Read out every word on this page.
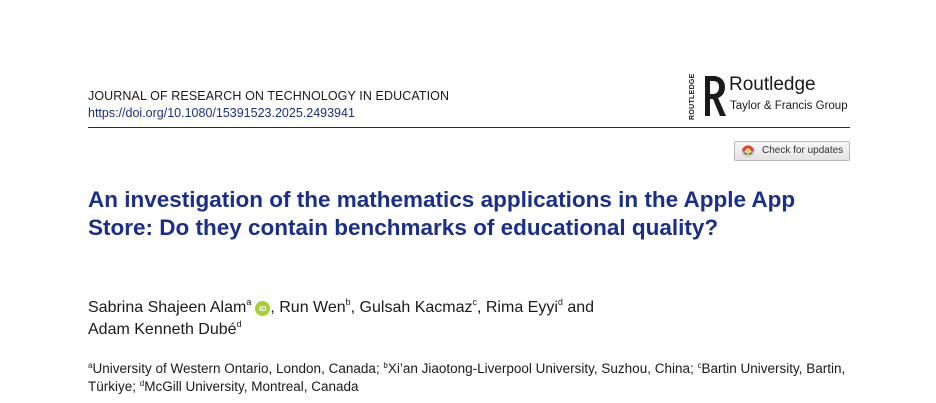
JOURNAL OF RESEARCH ON TECHNOLOGY IN EDUCATION
https://doi.org/10.1080/15391523.2025.2493941	ROUTLEDGE Routledge
Taylor & Francis Group
Check for updates
An investigation of the mathematics applications in the Apple App Store: Do they contain benchmarks of educational quality?

Sabrina Shajeen Alam$^a$iD , Run Wen$^b$, Gulsah Kacmaz$^c$, Rima Eyyi$^d$ and
Adam Kenneth Dubé$^d$

$^a$University of Western Ontario, London, Canada; $^b$Xi’an Jiaotong-Liverpool University, Suzhou, China; $^c$Bartin University, Bartin, Türkiye; $^d$McGill University, Montreal, Canada
